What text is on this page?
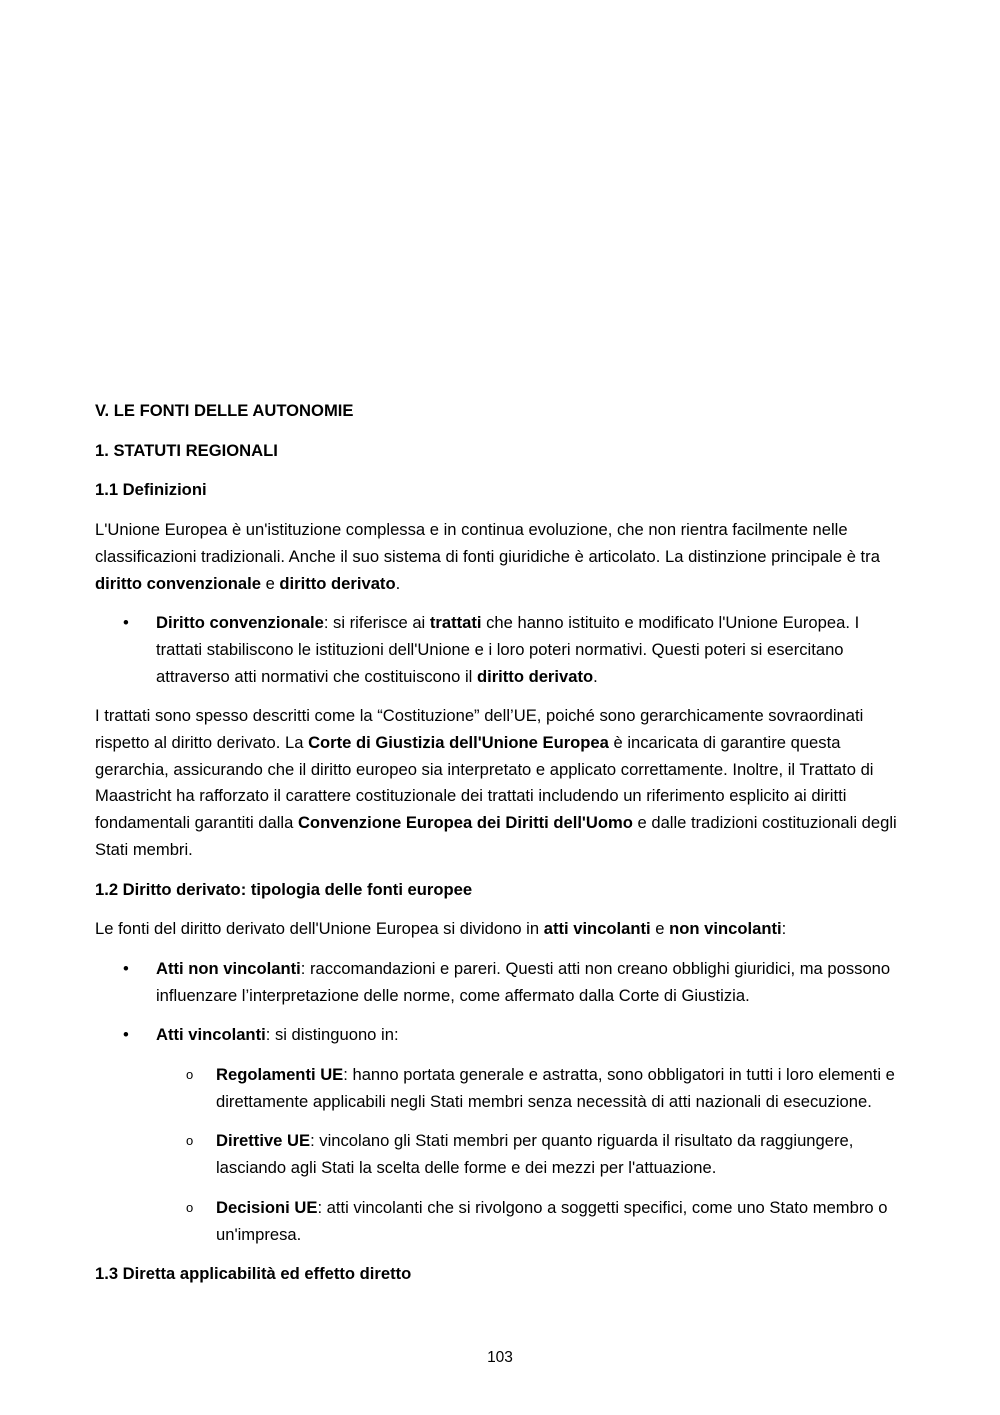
V. LE FONTI DELLE AUTONOMIE
1. STATUTI REGIONALI
1.1 Definizioni

L'Unione Europea è un'istituzione complessa e in continua evoluzione, che non rientra facilmente nelle classificazioni tradizionali. Anche il suo sistema di fonti giuridiche è articolato. La distinzione principale è tra diritto convenzionale e diritto derivato.

• Diritto convenzionale: si riferisce ai trattati che hanno istituito e modificato l'Unione Europea. I trattati stabiliscono le istituzioni dell'Unione e i loro poteri normativi. Questi poteri si esercitano attraverso atti normativi che costituiscono il diritto derivato.

I trattati sono spesso descritti come la “Costituzione” dell’UE, poiché sono gerarchicamente sovraordinati rispetto al diritto derivato. La Corte di Giustizia dell'Unione Europea è incaricata di garantire questa gerarchia, assicurando che il diritto europeo sia interpretato e applicato correttamente. Inoltre, il Trattato di Maastricht ha rafforzato il carattere costituzionale dei trattati includendo un riferimento esplicito ai diritti fondamentali garantiti dalla Convenzione Europea dei Diritti dell'Uomo e dalle tradizioni costituzionali degli Stati membri.

1.2 Diritto derivato: tipologia delle fonti europee

Le fonti del diritto derivato dell'Unione Europea si dividono in atti vincolanti e non vincolanti:

• Atti non vincolanti: raccomandazioni e pareri. Questi atti non creano obblighi giuridici, ma possono influenzare l’interpretazione delle norme, come affermato dalla Corte di Giustizia.
• Atti vincolanti: si distinguono in:
o Regolamenti UE: hanno portata generale e astratta, sono obbligatori in tutti i loro elementi e direttamente applicabili negli Stati membri senza necessità di atti nazionali di esecuzione.
o Direttive UE: vincolano gli Stati membri per quanto riguarda il risultato da raggiungere, lasciando agli Stati la scelta delle forme e dei mezzi per l'attuazione.
o Decisioni UE: atti vincolanti che si rivolgono a soggetti specifici, come uno Stato membro o un'impresa.
1.3 Diretta applicabilità ed effetto diretto
103
